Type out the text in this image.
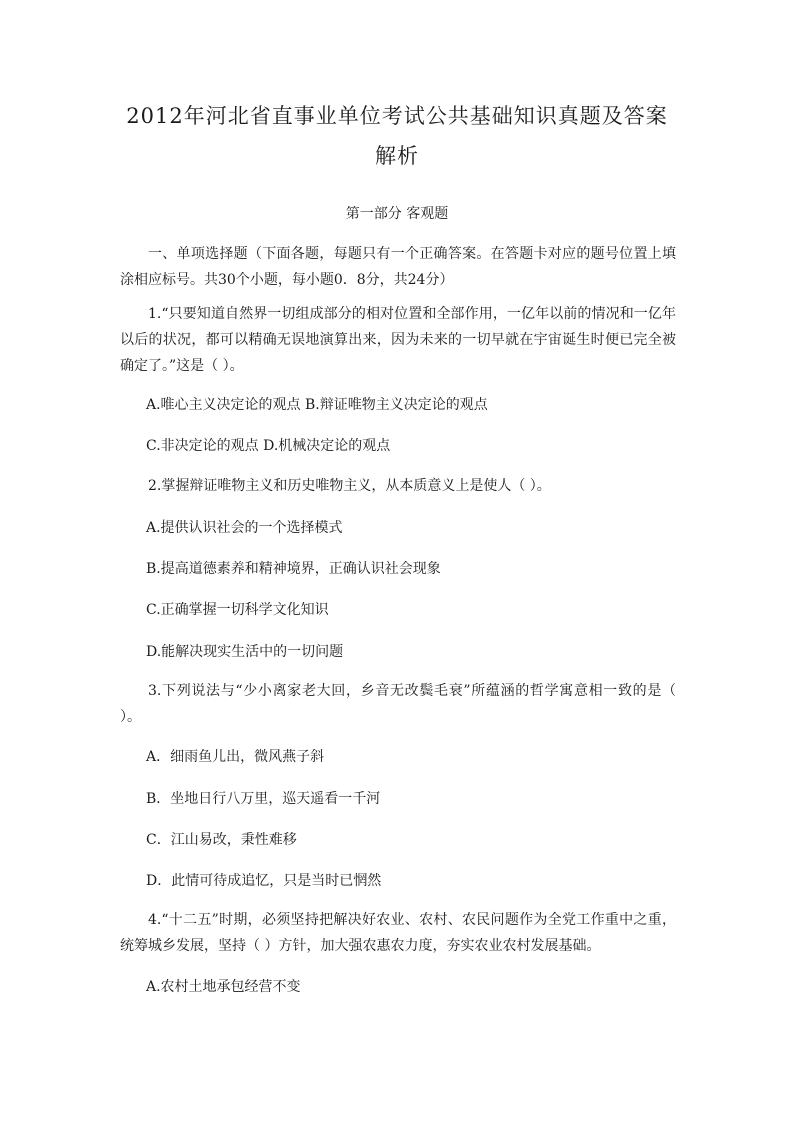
2012年河北省直事业单位考试公共基础知识真题及答案
解析
第一部分 客观题
一、单项选择题（下面各题，每题只有一个正确答案。在答题卡对应的题号位置上填涂相应标号。共30个小题，每小题0．8分，共24分）
1.“只要知道自然界一切组成部分的相对位置和全部作用，一亿年以前的情况和一亿年以后的状况，都可以精确无误地演算出来，因为未来的一切早就在宇宙诞生时便已完全被确定了。”这是（ ）。
A.唯心主义决定论的观点 B.辩证唯物主义决定论的观点
C.非决定论的观点 D.机械决定论的观点
2.掌握辩证唯物主义和历史唯物主义，从本质意义上是使人（ ）。
A.提供认识社会的一个选择模式
B.提高道德素养和精神境界，正确认识社会现象
C.正确掌握一切科学文化知识
D.能解决现实生活中的一切问题
3.下列说法与“少小离家老大回，乡音无改鬓毛衰”所蕴涵的哲学寓意相一致的是（ ）。
A．细雨鱼儿出，微风燕子斜
B．坐地日行八万里，巡天遥看一千河
C．江山易改，秉性难移
D．此情可待成追忆，只是当时已惘然
4.“十二五”时期，必须坚持把解决好农业、农村、农民问题作为全党工作重中之重，统筹城乡发展，坚持（ ）方针，加大强农惠农力度，夯实农业农村发展基础。
A.农村土地承包经营不变
